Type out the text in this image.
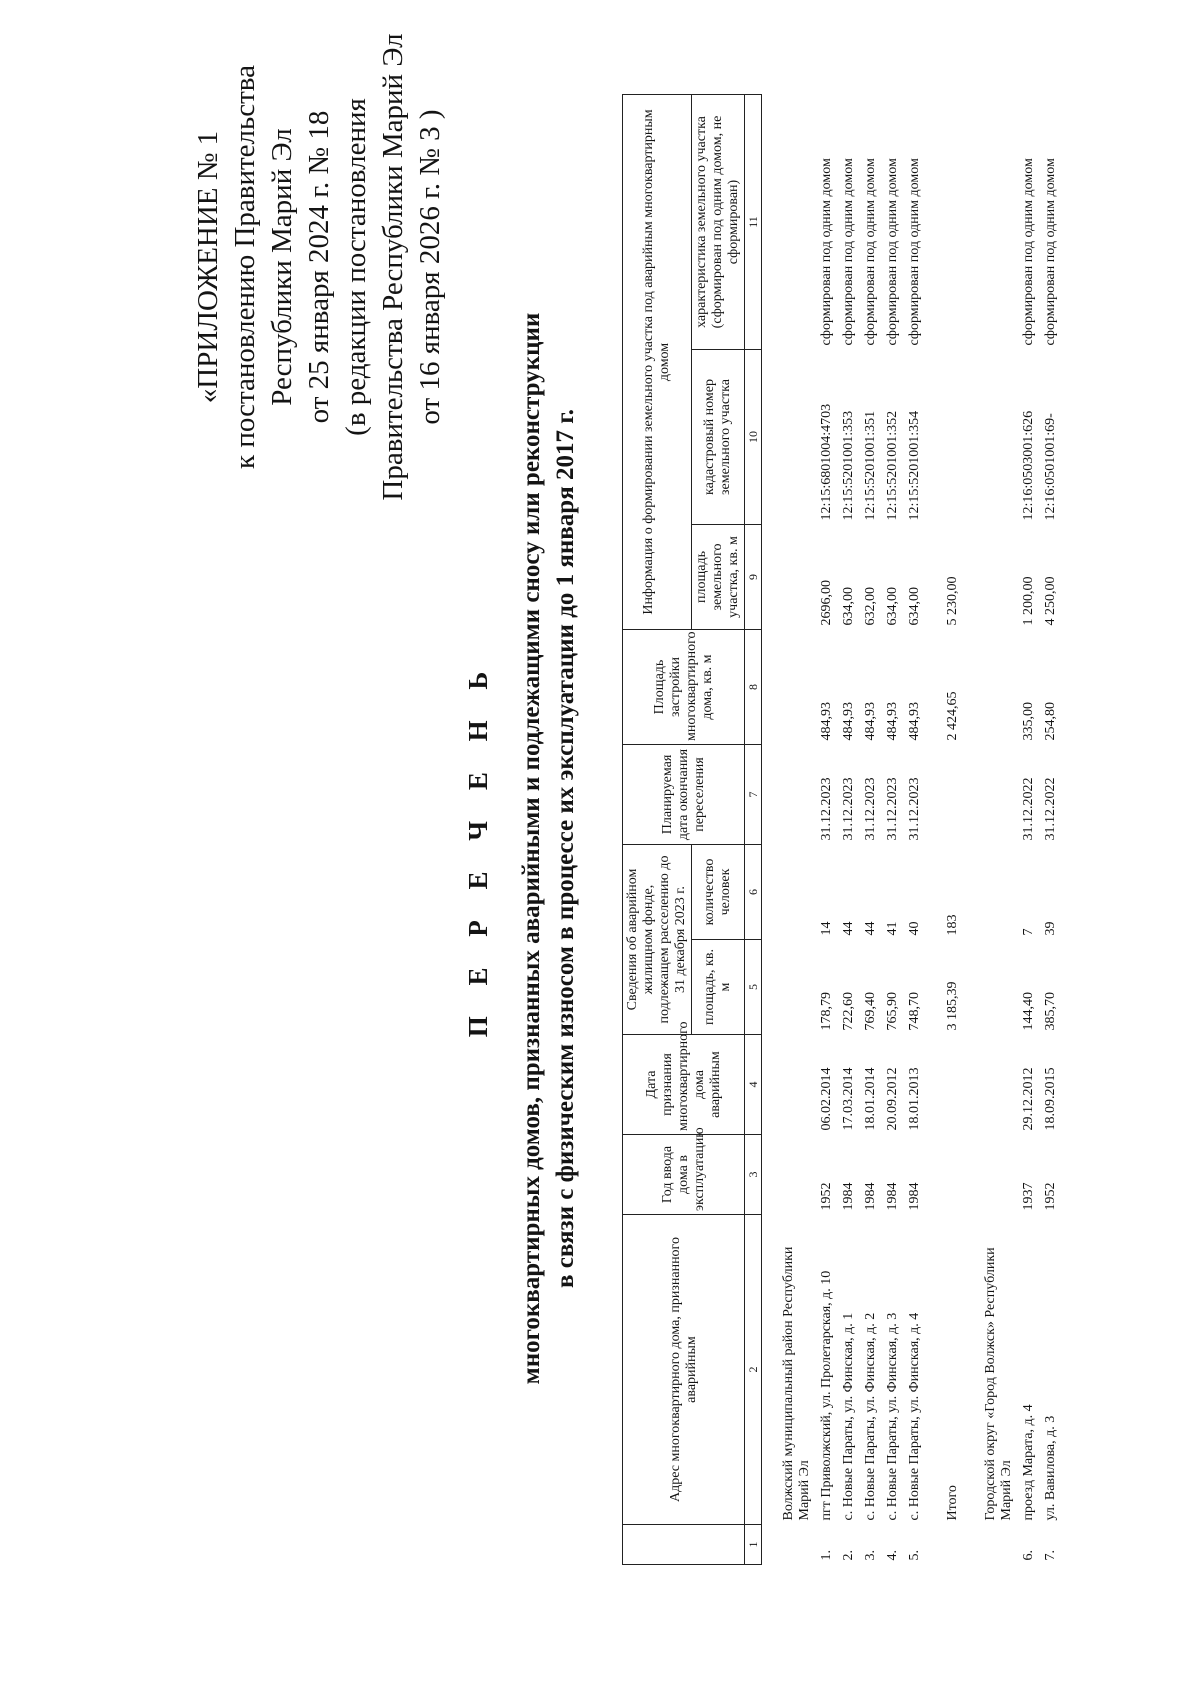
«ПРИЛОЖЕНИЕ № 1 к постановлению Правительства Республики Марий Эл от 25 января 2024 г. № 18 (в редакции постановления Правительства Республики Марий Эл от 16 января 2026 г. № 3 )
П Е Р Е Ч Е Н Ь многоквартирных домов, признанных аварийными и подлежащими сносу или реконструкции в связи с физическим износом в процессе их эксплуатации до 1 января 2017 г.
	Адрес многоквартирного дома, признанного аварийным	Год ввода дома в эксплуатацию	Дата признания многоквартирного дома аварийным	Сведения об аварийном жилищном фонде, подлежащем расселению до 31 декабря 2023 г.		Планируемая дата окончания переселения	Площадь застройки многоквартирного дома, кв. м	Информация о формировании земельного участка под аварийным многоквартирным домом		
				площадь, кв. м	количество человек			площадь земельного участка, кв. м	кадастровый номер земельного участка	характеристика земельного участка (сформирован под одним домом, не сформирован)
1	2	3	4	5	6	7	8	9	10	11

	Волжский муниципальный район Республики Марий Эл									
1.	пгт Приволжский, ул. Пролетарская, д. 10	1952	06.02.2014	178,79	14	31.12.2023	484,93	2696,00	12:15:6801004:4703	сформирован под одним домом
2.	с. Новые Параты, ул. Финская, д. 1	1984	17.03.2014	722,60	44	31.12.2023	484,93	634,00	12:15:5201001:353	сформирован под одним домом
3.	с. Новые Параты, ул. Финская, д. 2	1984	18.01.2014	769,40	44	31.12.2023	484,93	632,00	12:15:5201001:351	сформирован под одним домом
4.	с. Новые Параты, ул. Финская, д. 3	1984	20.09.2012	765,90	41	31.12.2023	484,93	634,00	12:15:5201001:352	сформирован под одним домом
5.	с. Новые Параты, ул. Финская, д. 4	1984	18.01.2013	748,70	40	31.12.2023	484,93	634,00	12:15:5201001:354	сформирован под одним домом

	Итого			3 185,39	183		2 424,65	5 230,00		

	Городской округ «Город Волжск» Республики Марий Эл									
6.	проезд Марата, д. 4	1937	29.12.2012	144,40	7	31.12.2022	335,00	1 200,00	12:16:0503001:626	сформирован под одним домом
7.	ул. Вавилова, д. 3	1952	18.09.2015	385,70	39	31.12.2022	254,80	4 250,00	12:16:0501001:69-	сформирован под одним домом
